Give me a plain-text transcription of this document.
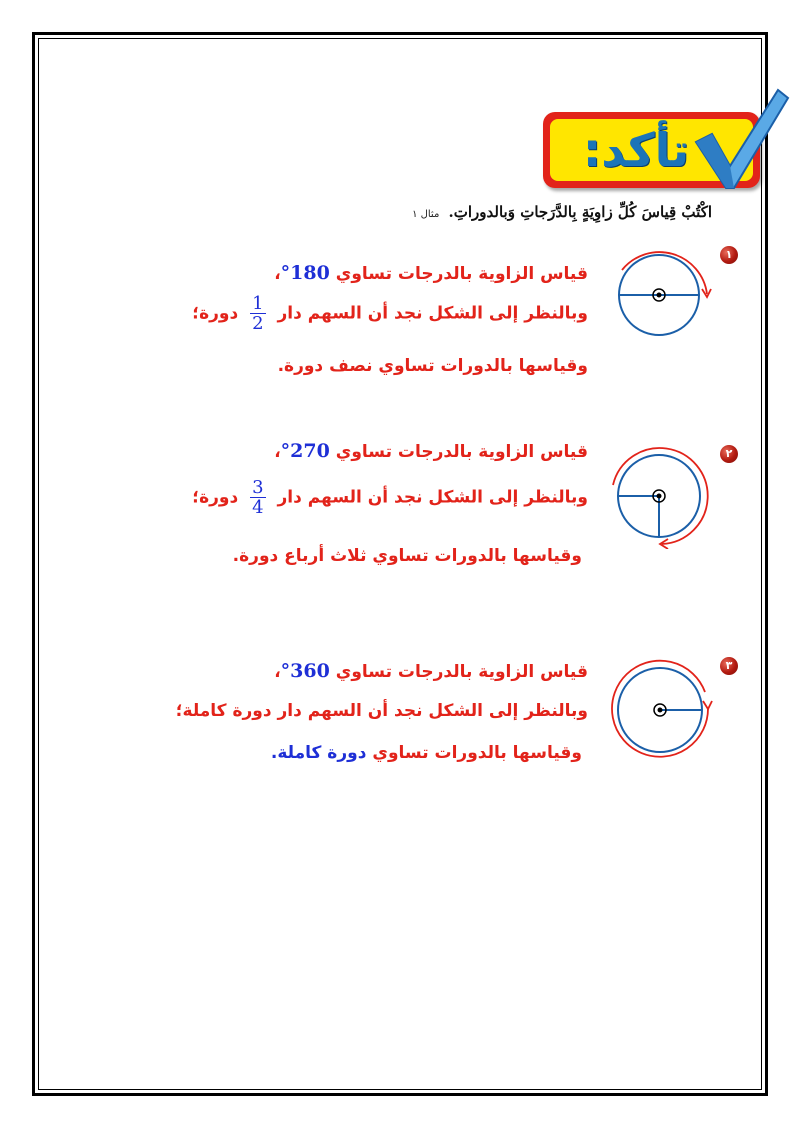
تأكد:
اكْتُبْ قِياسَ كُلِّ زاوِيَةٍ بِالدَّرَجاتِ وَبالدوراتِ. مثال ١
١
قياس الزاوية بالدرجات تساوي 180°،
وبالنظر إلى الشكل نجد أن السهم دار
$\frac{1}{2}$
دورة؛
وقياسها بالدورات تساوي نصف دورة.
٢
قياس الزاوية بالدرجات تساوي 270°،
وبالنظر إلى الشكل نجد أن السهم دار
$\frac{3}{4}$
دورة؛
وقياسها بالدورات تساوي ثلاث أرباع دورة.
٣
قياس الزاوية بالدرجات تساوي 360°،
وبالنظر إلى الشكل نجد أن السهم دار دورة كاملة؛
وقياسها بالدورات تساوي دورة كاملة.
